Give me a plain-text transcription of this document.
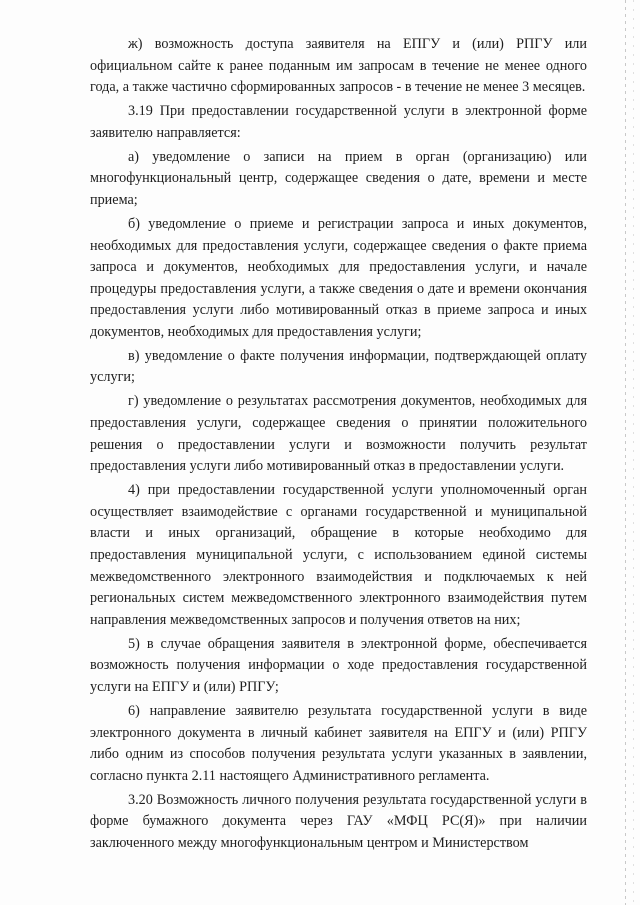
ж) возможность доступа заявителя на ЕПГУ и (или) РПГУ или официальном сайте к ранее поданным им запросам в течение не менее одного года, а также частично сформированных запросов - в течение не менее 3 месяцев.

3.19 При предоставлении государственной услуги в электронной форме заявителю направляется:

а) уведомление о записи на прием в орган (организацию) или многофункциональный центр, содержащее сведения о дате, времени и месте приема;

б) уведомление о приеме и регистрации запроса и иных документов, необходимых для предоставления услуги, содержащее сведения о факте приема запроса и документов, необходимых для предоставления услуги, и начале процедуры предоставления услуги, а также сведения о дате и времени окончания предоставления услуги либо мотивированный отказ в приеме запроса и иных документов, необходимых для предоставления услуги;

в) уведомление о факте получения информации, подтверждающей оплату услуги;

г) уведомление о результатах рассмотрения документов, необходимых для предоставления услуги, содержащее сведения о принятии положительного решения о предоставлении услуги и возможности получить результат предоставления услуги либо мотивированный отказ в предоставлении услуги.

4) при предоставлении государственной услуги уполномоченный орган осуществляет взаимодействие с органами государственной и муниципальной власти и иных организаций, обращение в которые необходимо для предоставления муниципальной услуги, с использованием единой системы межведомственного электронного взаимодействия и подключаемых к ней региональных систем межведомственного электронного взаимодействия путем направления межведомственных запросов и получения ответов на них;

5) в случае обращения заявителя в электронной форме, обеспечивается возможность получения информации о ходе предоставления государственной услуги на ЕПГУ и (или) РПГУ;

6) направление заявителю результата государственной услуги в виде электронного документа в личный кабинет заявителя на ЕПГУ и (или) РПГУ либо одним из способов получения результата услуги указанных в заявлении, согласно пункта 2.11 настоящего Административного регламента.

3.20 Возможность личного получения результата государственной услуги в форме бумажного документа через ГАУ «МФЦ РС(Я)» при наличии заключенного между многофункциональным центром и Министерством
